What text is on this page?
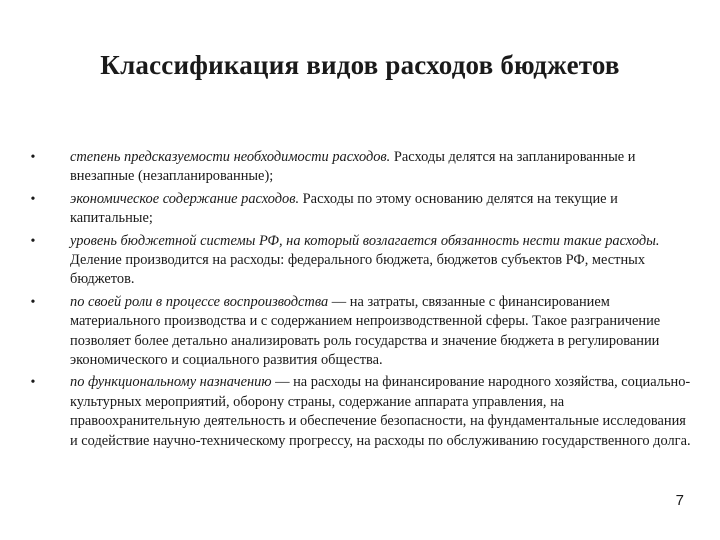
Классификация видов расходов бюджетов
• степень предсказуемости необходимости расходов. Расходы делятся на запланированные и внезапные (незапланированные);
• экономическое содержание расходов. Расходы по этому основанию делятся на текущие и капитальные;
• уровень бюджетной системы РФ, на который возлагается обязанность нести такие расходы. Деление производится на расходы: федерального бюджета, бюджетов субъектов РФ, местных бюджетов.
• по своей роли в процессе воспроизводства — на затраты, связанные с финансированием материального производства и с содержанием непроизводственной сферы. Такое разграничение позволяет более детально анализировать роль государства и значение бюджета в регулировании экономического и социального развития общества.
• по функциональному назначению — на расходы на финансирование народного хозяйства, социально-культурных мероприятий, оборону страны, содержание аппарата управления, на правоохранительную деятельность и обеспечение безопасности, на фундаментальные исследования и содействие научно-техническому прогрессу, на расходы по обслуживанию государственного долга.
7
